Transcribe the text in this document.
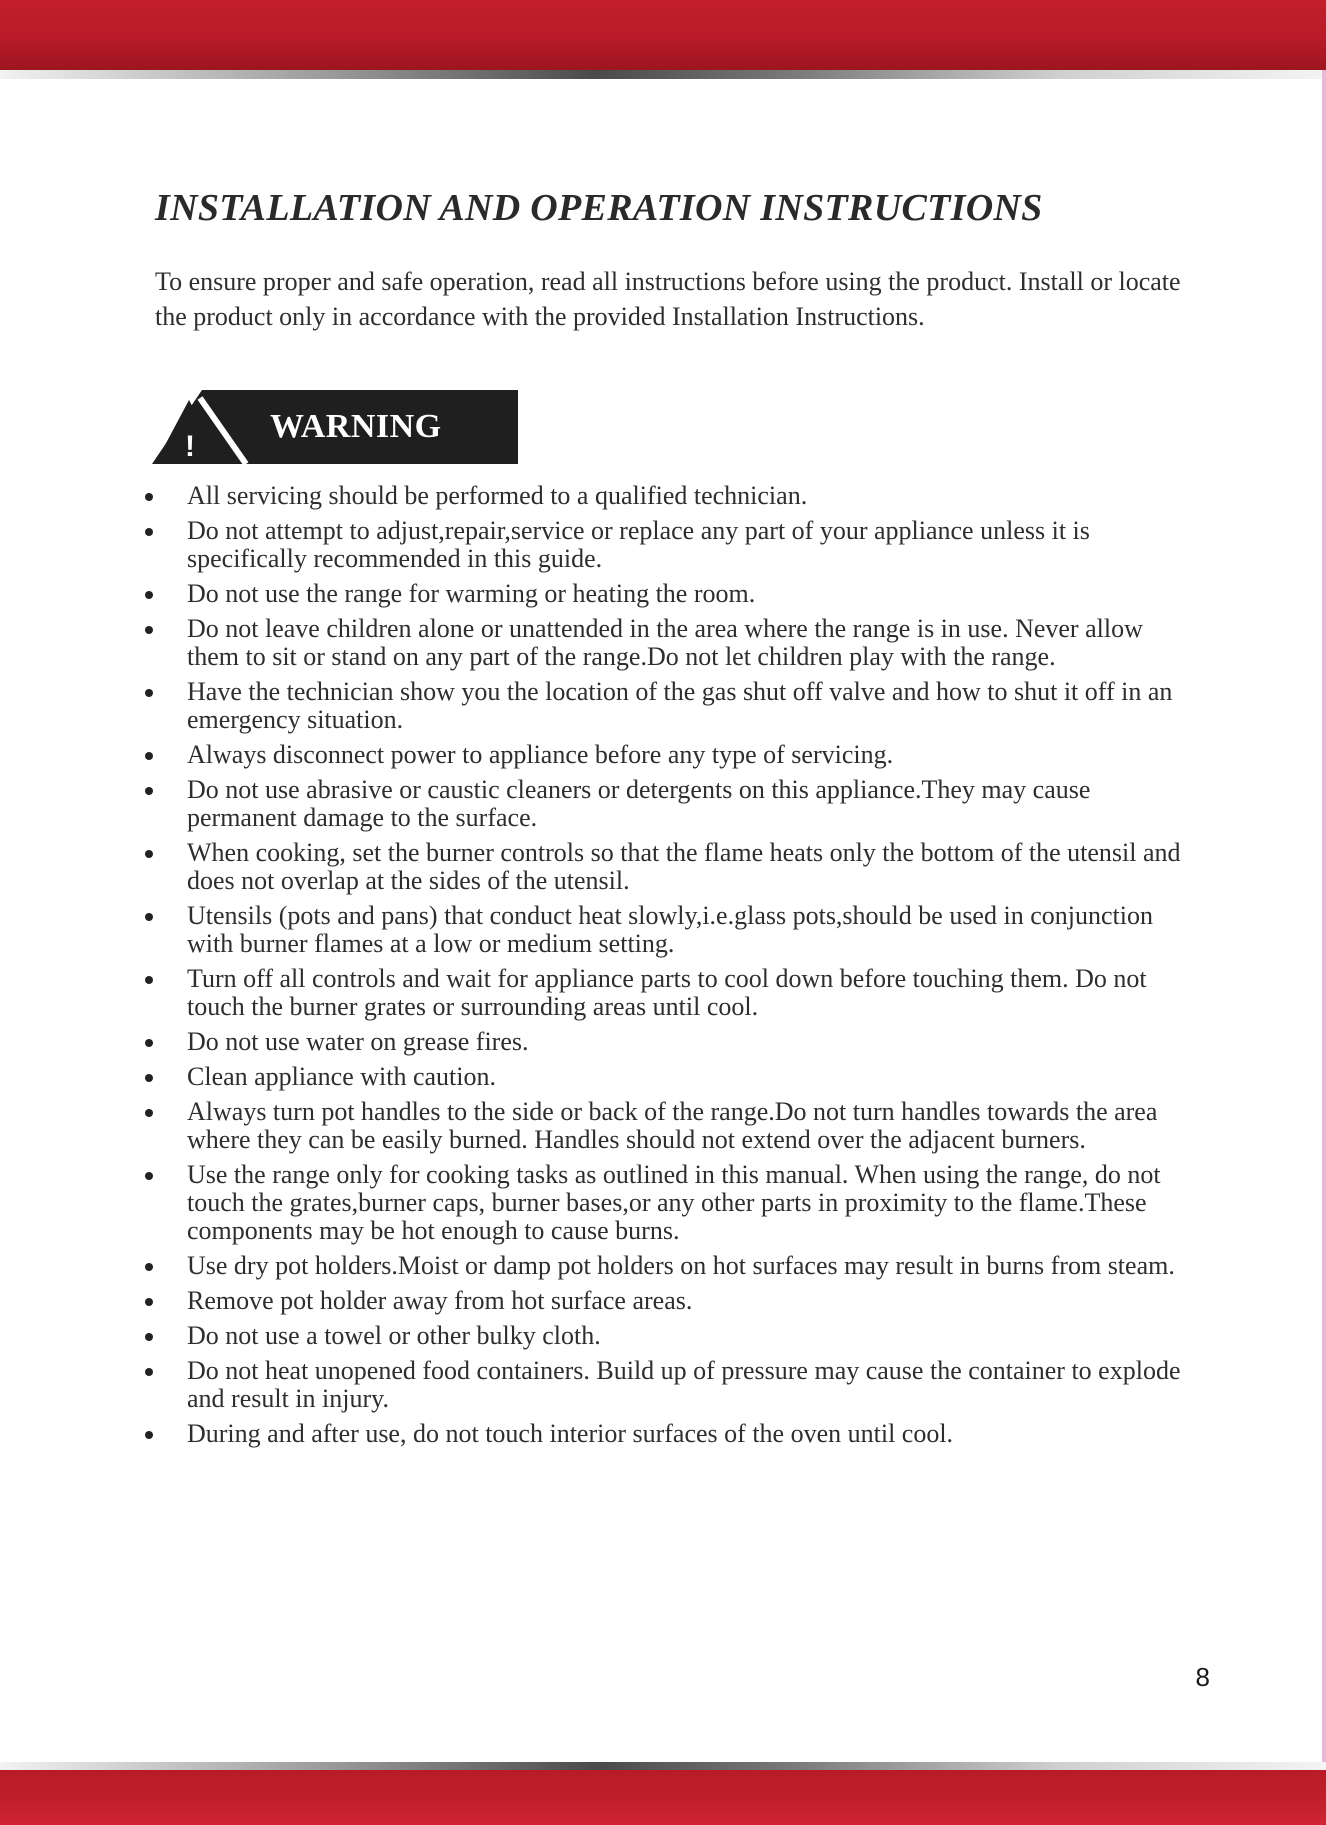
INSTALLATION AND OPERATION INSTRUCTIONS

To ensure proper and safe operation, read all instructions before using the product. Install or locate the product only in accordance with the provided Installation Instructions.

!
WARNING
All servicing should be performed to a qualified technician.
Do not attempt to adjust,repair,service or replace any part of your appliance unless it is specifically recommended in this guide.
Do not use the range for warming or heating the room.
Do not leave children alone or unattended in the area where the range is in use. Never allow them to sit or stand on any part of the range.Do not let children play with the range.
Have the technician show you the location of the gas shut off valve and how to shut it off in an emergency situation.
Always disconnect power to appliance before any type of servicing.
Do not use abrasive or caustic cleaners or detergents on this appliance.They may cause permanent damage to the surface.
When cooking, set the burner controls so that the flame heats only the bottom of the utensil and does not overlap at the sides of the utensil.
Utensils (pots and pans) that conduct heat slowly,i.e.glass pots,should be used in conjunction with burner flames at a low or medium setting.
Turn off all controls and wait for appliance parts to cool down before touching them. Do not touch the burner grates or surrounding areas until cool.
Do not use water on grease fires.
Clean appliance with caution.
Always turn pot handles to the side or back of the range.Do not turn handles towards the area where they can be easily burned. Handles should not extend over the adjacent burners.
Use the range only for cooking tasks as outlined in this manual. When using the range, do not touch the grates,burner caps, burner bases,or any other parts in proximity to the flame.These components may be hot enough to cause burns.
Use dry pot holders.Moist or damp pot holders on hot surfaces may result in burns from steam.
Remove pot holder away from hot surface areas.
Do not use a towel or other bulky cloth.
Do not heat unopened food containers. Build up of pressure may cause the container to explode and result in injury.
During and after use, do not touch interior surfaces of the oven until cool.
8
